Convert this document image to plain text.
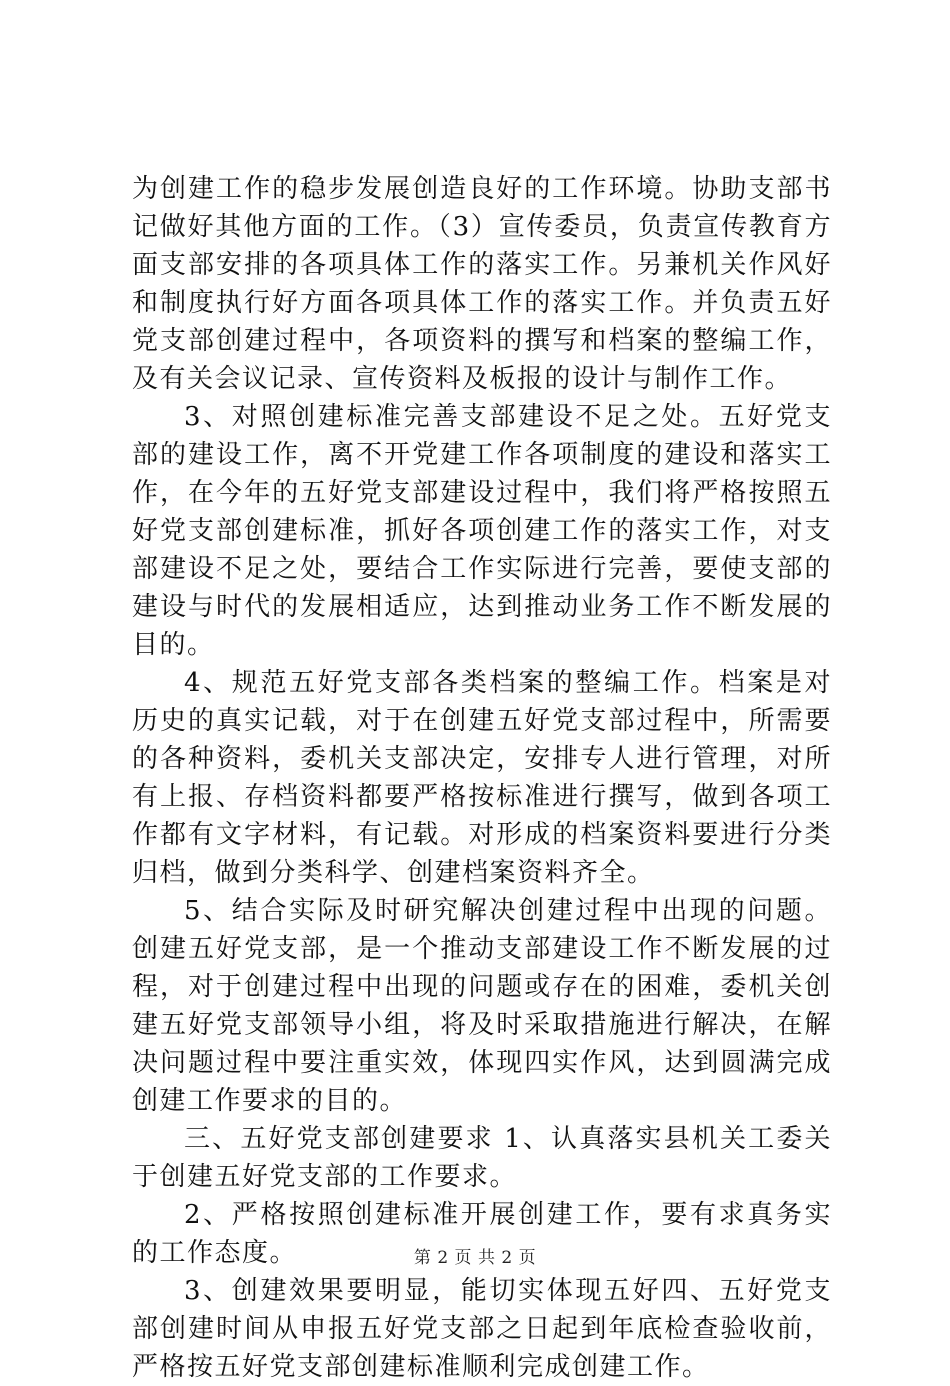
为创建工作的稳步发展创造良好的工作环境。协助支部书记做好其他方面的工作。（3）宣传委员，负责宣传教育方面支部安排的各项具体工作的落实工作。另兼机关作风好和制度执行好方面各项具体工作的落实工作。并负责五好党支部创建过程中，各项资料的撰写和档案的整编工作，及有关会议记录、宣传资料及板报的设计与制作工作。

3、对照创建标准完善支部建设不足之处。五好党支部的建设工作，离不开党建工作各项制度的建设和落实工作，在今年的五好党支部建设过程中，我们将严格按照五好党支部创建标准，抓好各项创建工作的落实工作，对支部建设不足之处，要结合工作实际进行完善，要使支部的建设与时代的发展相适应，达到推动业务工作不断发展的目的。

4、规范五好党支部各类档案的整编工作。档案是对历史的真实记载，对于在创建五好党支部过程中，所需要的各种资料，委机关支部决定，安排专人进行管理，对所有上报、存档资料都要严格按标准进行撰写，做到各项工作都有文字材料，有记载。对形成的档案资料要进行分类归档，做到分类科学、创建档案资料齐全。

5、结合实际及时研究解决创建过程中出现的问题。创建五好党支部，是一个推动支部建设工作不断发展的过程，对于创建过程中出现的问题或存在的困难，委机关创建五好党支部领导小组，将及时采取措施进行解决，在解决问题过程中要注重实效，体现四实作风，达到圆满完成创建工作要求的目的。

三、五好党支部创建要求 1、认真落实县机关工委关于创建五好党支部的工作要求。

2、严格按照创建标准开展创建工作，要有求真务实的工作态度。

3、创建效果要明显，能切实体现五好四、五好党支部创建时间从申报五好党支部之日起到年底检查验收前，严格按五好党支部创建标准顺利完成创建工作。

第 2 页 共 2 页
